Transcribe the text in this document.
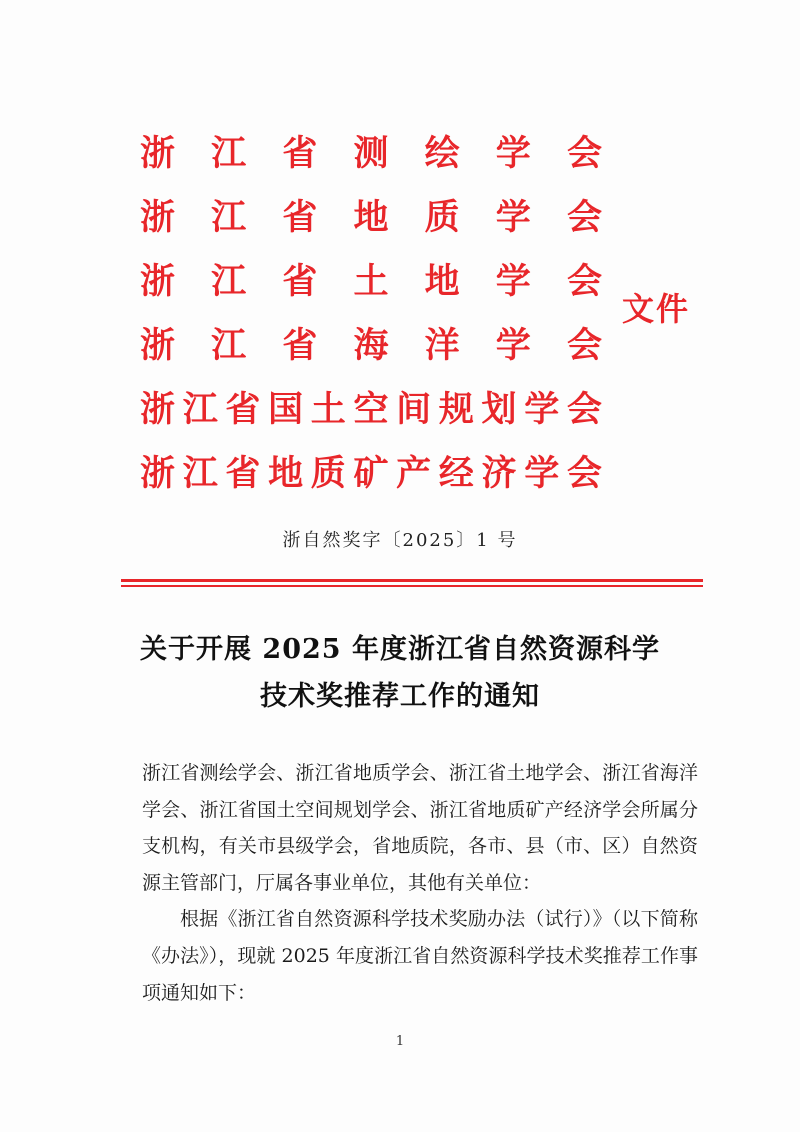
浙 江 省 测 绘 学 会
浙 江 省 地 质 学 会
浙 江 省 土 地 学 会
浙 江 省 海 洋 学 会
浙 江 省 国 土 空 间 规 划 学 会
浙 江 省 地 质 矿 产 经 济 学 会
文件
浙自然奖字〔2025〕1 号
关于开展 2025 年度浙江省自然资源科学
技术奖推荐工作的通知

浙江省测绘学会、浙江省地质学会、浙江省土地学会、浙江省海洋学会、浙江省国土空间规划学会、浙江省地质矿产经济学会所属分支机构，有关市县级学会，省地质院，各市、县（市、区）自然资源主管部门，厅属各事业单位，其他有关单位：

根据《浙江省自然资源科学技术奖励办法（试行）》（以下简称《办法》），现就 2025 年度浙江省自然资源科学技术奖推荐工作事项通知如下：

1
